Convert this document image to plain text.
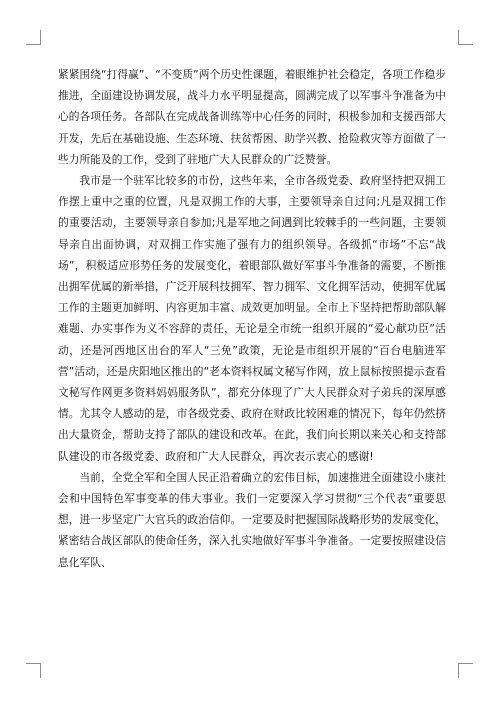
紧紧围绕“打得赢”、“不变质”两个历史性课题，着眼维护社会稳定，各项工作稳步推进，全面建设协调发展，战斗力水平明显提高，圆满完成了以军事斗争准备为中心的各项任务。各部队在完成战备训练等中心任务的同时，积极参加和支援西部大开发，先后在基础设施、生态环境、扶贫帮困、助学兴教、抢险救灾等方面做了一些力所能及的工作，受到了驻地广大人民群众的广泛赞誉。

我市是一个驻军比较多的市份，这些年来，全市各级党委、政府坚持把双拥工作摆上重中之重的位置，凡是双拥工作的大事，主要领导亲自过问;凡是双拥工作的重要活动，主要领导亲自参加;凡是军地之间遇到比较棘手的一些问题，主要领导亲自出面协调，对双拥工作实施了强有力的组织领导。各级抓“市场”不忘“战场”，积极适应形势任务的发展变化，着眼部队做好军事斗争准备的需要，不断推出拥军优属的新举措，广泛开展科技拥军、智力拥军、文化拥军活动，使拥军优属工作的主题更加鲜明、内容更加丰富、成效更加明显。全市上下坚持把帮助部队解难题、办实事作为义不容辞的责任，无论是全市统一组织开展的“爱心献功臣”活动，还是河西地区出台的军人“三免”政策，无论是市组织开展的“百台电脑进军营”活动，还是庆阳地区推出的“老本资料权属文秘写作网，放上鼠标按照提示查看文秘写作网更多资料妈妈服务队”，都充分体现了广大人民群众对子弟兵的深厚感情。尤其令人感动的是，市各级党委、政府在财政比较困难的情况下，每年仍然挤出大量资金，帮助支持了部队的建设和改革。在此，我们向长期以来关心和支持部队建设的市各级党委、政府和广大人民群众，再次表示衷心的感谢!

当前，全党全军和全国人民正沿着确立的宏伟目标，加速推进全面建设小康社会和中国特色军事变革的伟大事业。我们一定要深入学习贯彻“三个代表”重要思想，进一步坚定广大官兵的政治信仰。一定要及时把握国际战略形势的发展变化，紧密结合战区部队的使命任务，深入扎实地做好军事斗争准备。一定要按照建设信息化军队、
